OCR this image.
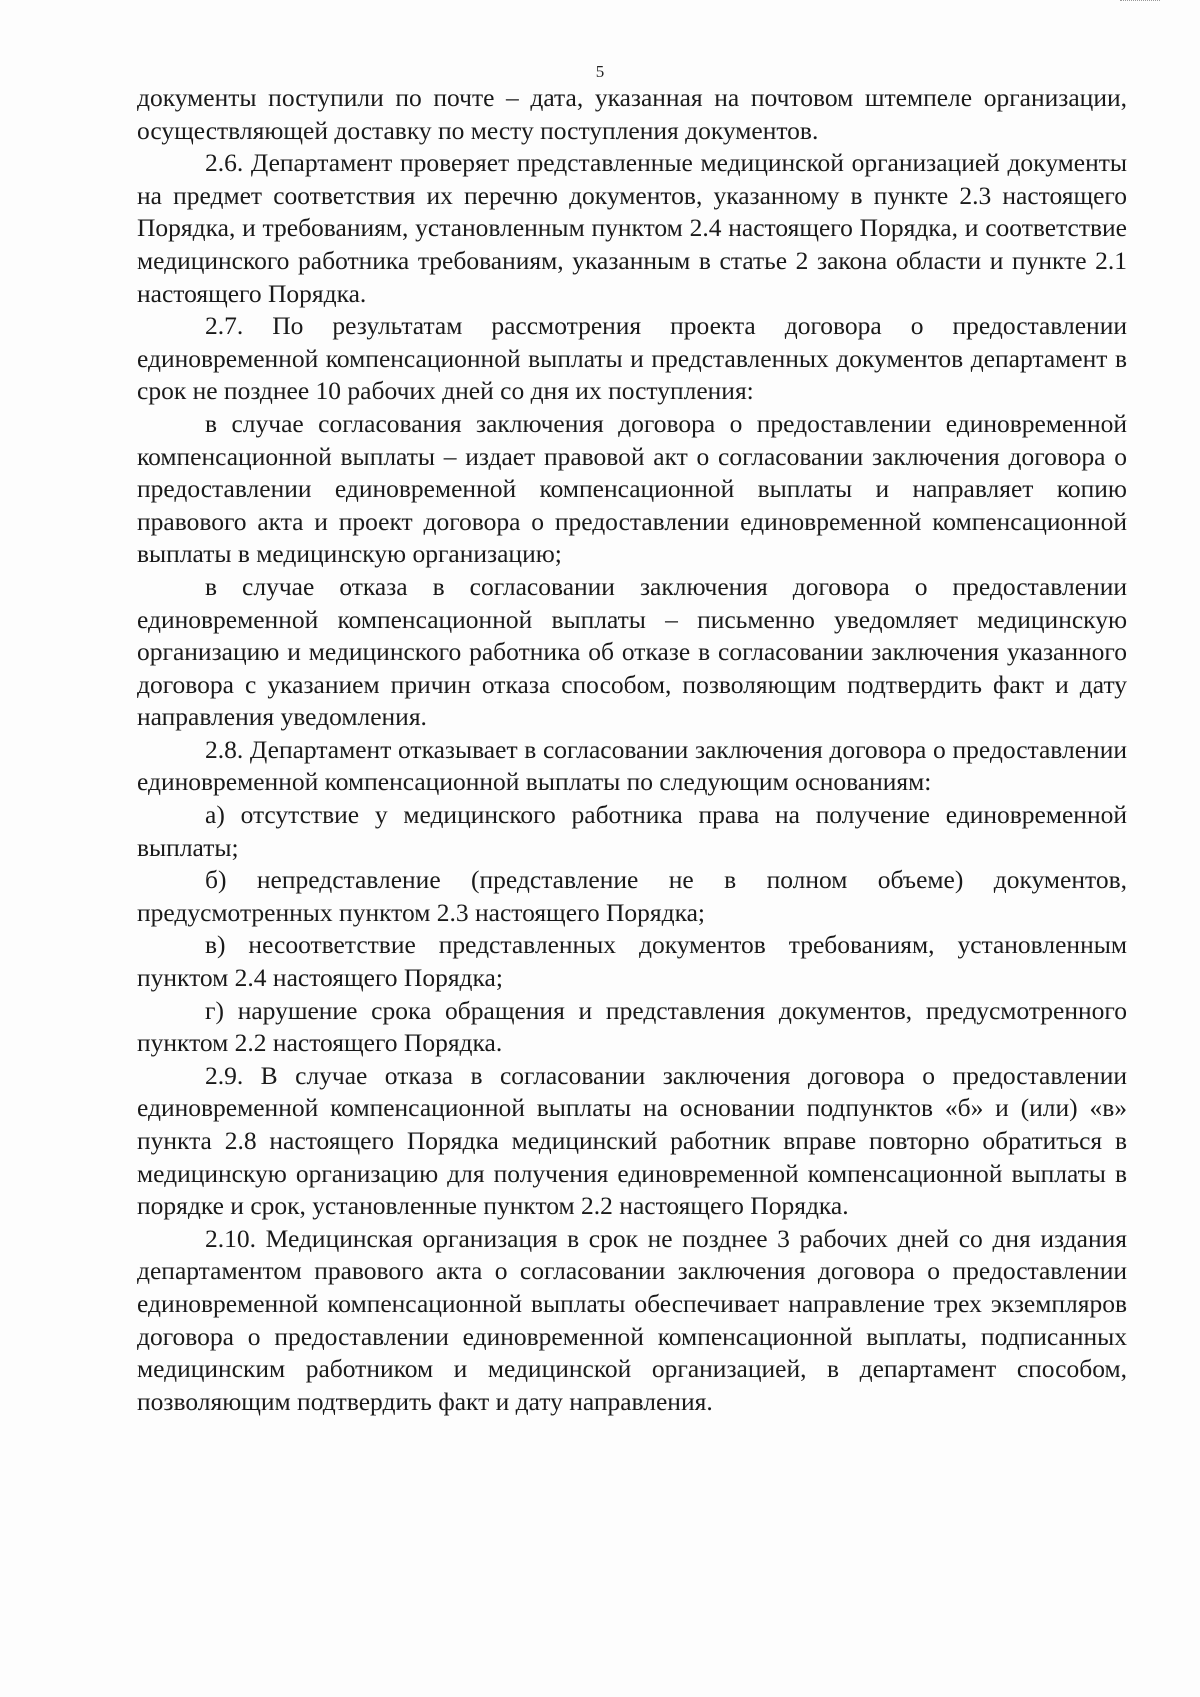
5

документы поступили по почте – дата, указанная на почтовом штемпеле организации, осуществляющей доставку по месту поступления документов.

2.6. Департамент проверяет представленные медицинской организацией документы на предмет соответствия их перечню документов, указанному в пункте 2.3 настоящего Порядка, и требованиям, установленным пунктом 2.4 настоящего Порядка, и соответствие медицинского работника требованиям, указанным в статье 2 закона области и пункте 2.1 настоящего Порядка.

2.7. По результатам рассмотрения проекта договора о предоставлении единовременной компенсационной выплаты и представленных документов департамент в срок не позднее 10 рабочих дней со дня их поступления:

в случае согласования заключения договора о предоставлении единовременной компенсационной выплаты – издает правовой акт о согласовании заключения договора о предоставлении единовременной компенсационной выплаты и направляет копию правового акта и проект договора о предоставлении единовременной компенсационной выплаты в медицинскую организацию;

в случае отказа в согласовании заключения договора о предоставлении единовременной компенсационной выплаты – письменно уведомляет медицинскую организацию и медицинского работника об отказе в согласовании заключения указанного договора с указанием причин отказа способом, позволяющим подтвердить факт и дату направления уведомления.

2.8. Департамент отказывает в согласовании заключения договора о предоставлении единовременной компенсационной выплаты по следующим основаниям:

а) отсутствие у медицинского работника права на получение единовременной выплаты;

б) непредставление (представление не в полном объеме) документов, предусмотренных пунктом 2.3 настоящего Порядка;

в) несоответствие представленных документов требованиям, установленным пунктом 2.4 настоящего Порядка;

г) нарушение срока обращения и представления документов, предусмотренного пунктом 2.2 настоящего Порядка.

2.9. В случае отказа в согласовании заключения договора о предоставлении единовременной компенсационной выплаты на основании подпунктов «б» и (или) «в» пункта 2.8 настоящего Порядка медицинский работник вправе повторно обратиться в медицинскую организацию для получения единовременной компенсационной выплаты в порядке и срок, установленные пунктом 2.2 настоящего Порядка.

2.10. Медицинская организация в срок не позднее 3 рабочих дней со дня издания департаментом правового акта о согласовании заключения договора о предоставлении единовременной компенсационной выплаты обеспечивает направление трех экземпляров договора о предоставлении единовременной компенсационной выплаты, подписанных медицинским работником и медицинской организацией, в департамент способом, позволяющим подтвердить факт и дату направления.
